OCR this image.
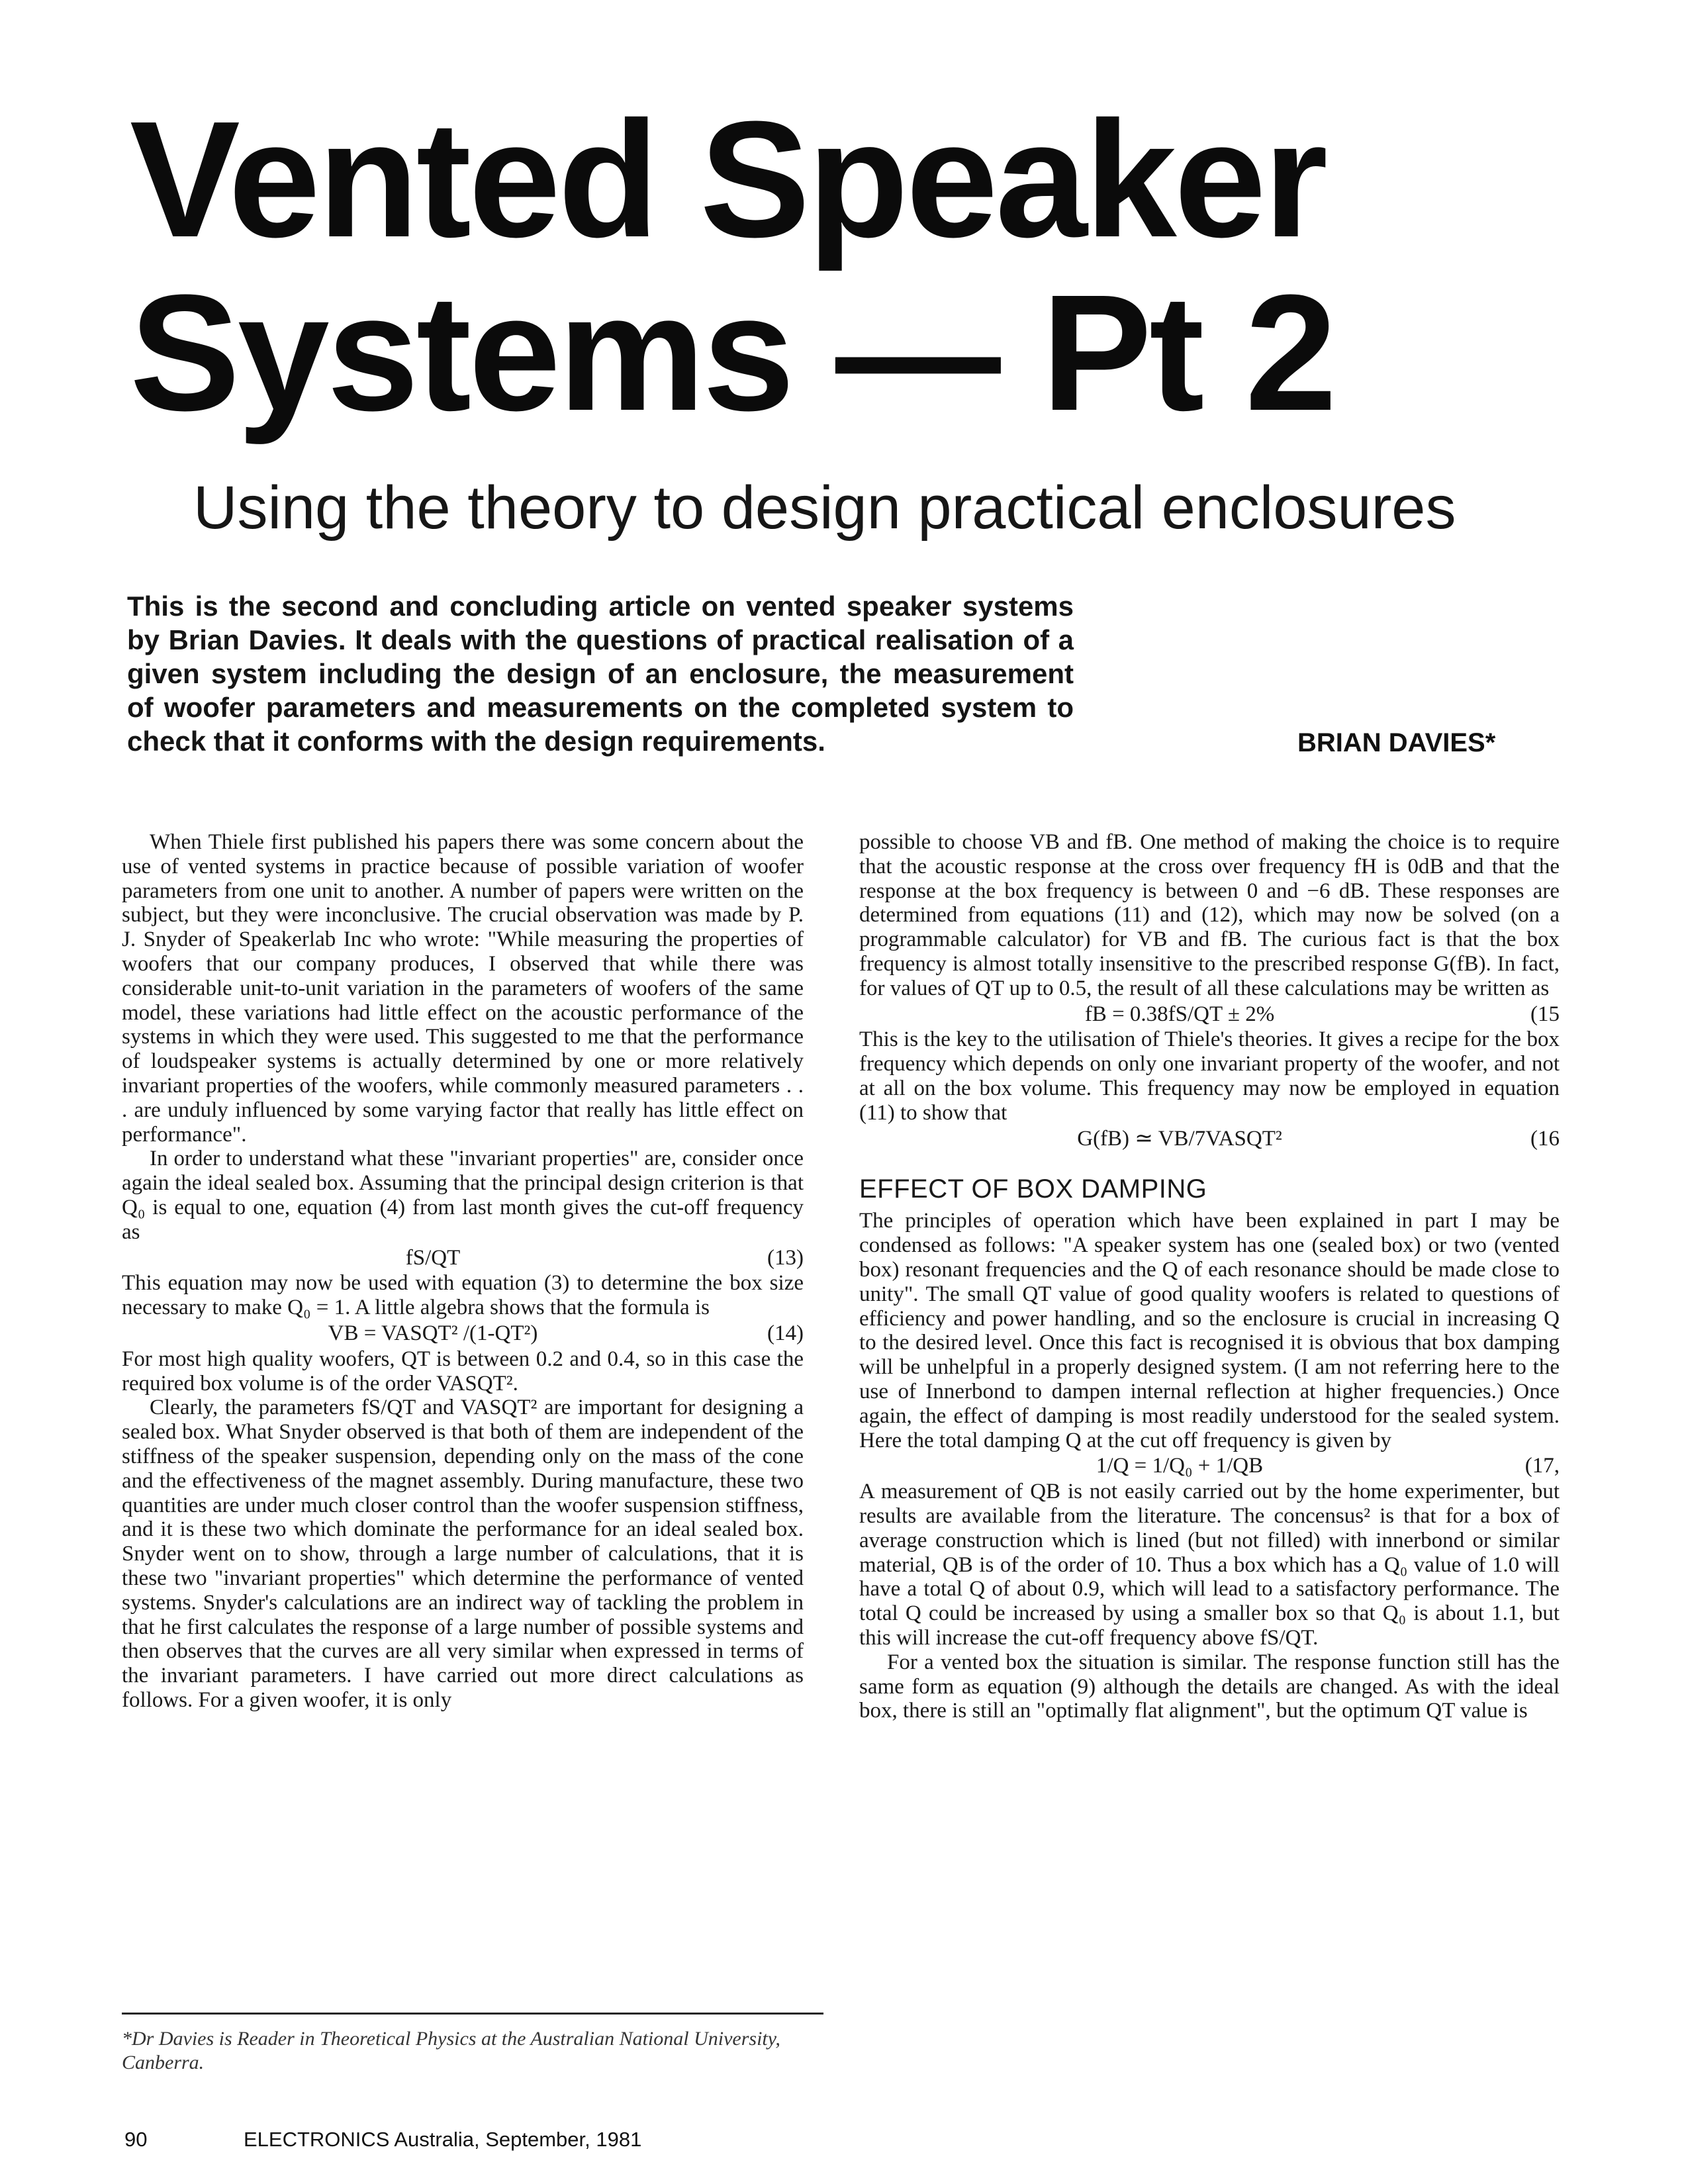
Vented Speaker
Systems — Pt 2
Using the theory to design practical enclosures
This is the second and concluding article on vented speaker systems by Brian Davies. It deals with the questions of practical realisation of a given system including the design of an enclosure, the measurement of woofer parameters and measurements on the completed system to check that it conforms with the design requirements.	BRIAN DAVIES*

When Thiele first published his papers there was some concern about the use of vented systems in practice because of possible variation of woofer parameters from one unit to another. A number of papers were written on the subject, but they were inconclusive. The crucial observation was made by P. J. Snyder of Speakerlab Inc who wrote: "While measuring the properties of woofers that our company produces, I observed that while there was considerable unit-to-unit variation in the parameters of woofers of the same model, these variations had little effect on the acoustic performance of the systems in which they were used. This suggested to me that the performance of loudspeaker systems is actually determined by one or more relatively invariant properties of the woofers, while commonly measured parameters . . . are unduly influenced by some varying factor that really has little effect on performance".

In order to understand what these "invariant properties" are, consider once again the ideal sealed box. Assuming that the principal design criterion is that Q₀ is equal to one, equation (4) from last month gives the cut-off frequency as

fS/QT	(13)

This equation may now be used with equation (3) to determine the box size necessary to make Q₀ = 1. A little algebra shows that the formula is

VB = VASQT² /(1-QT²)	(14)

For most high quality woofers, QT is between 0.2 and 0.4, so in this case the required box volume is of the order VASQT².

Clearly, the parameters fS/QT and VASQT² are important for designing a sealed box. What Snyder observed is that both of them are independent of the stiffness of the speaker suspension, depending only on the mass of the cone and the effectiveness of the magnet assembly. During manufacture, these two quantities are under much closer control than the woofer suspension stiffness, and it is these two which dominate the performance for an ideal sealed box. Snyder went on to show, through a large number of calculations, that it is these two "invariant properties" which determine the performance of vented systems. Snyder's calculations are an indirect way of tackling the problem in that he first calculates the response of a large number of possible systems and then observes that the curves are all very similar when expressed in terms of the invariant parameters. I have carried out more direct calculations as follows. For a given woofer, it is only

possible to choose VB and fB. One method of making the choice is to require that the acoustic response at the cross over frequency fH is 0dB and that the response at the box frequency is between 0 and −6 dB. These responses are determined from equations (11) and (12), which may now be solved (on a programmable calculator) for VB and fB. The curious fact is that the box frequency is almost totally insensitive to the prescribed response G(fB). In fact, for values of QT up to 0.5, the result of all these calculations may be written as

fB = 0.38fS/QT ± 2%	(15

This is the key to the utilisation of Thiele's theories. It gives a recipe for the box frequency which depends on only one invariant property of the woofer, and not at all on the box volume. This frequency may now be employed in equation (11) to show that

G(fB) ≃ VB/7VASQT²	(16
EFFECT OF BOX DAMPING

The principles of operation which have been explained in part I may be condensed as follows: "A speaker system has one (sealed box) or two (vented box) resonant frequencies and the Q of each resonance should be made close to unity". The small QT value of good quality woofers is related to questions of efficiency and power handling, and so the enclosure is crucial in increasing Q to the desired level. Once this fact is recognised it is obvious that box damping will be unhelpful in a properly designed system. (I am not referring here to the use of Innerbond to dampen internal reflection at higher frequencies.) Once again, the effect of damping is most readily understood for the sealed system. Here the total damping Q at the cut off frequency is given by

1/Q = 1/Q₀ + 1/QB	(17,

A measurement of QB is not easily carried out by the home experimenter, but results are available from the literature. The concensus² is that for a box of average construction which is lined (but not filled) with innerbond or similar material, QB is of the order of 10. Thus a box which has a Q₀ value of 1.0 will have a total Q of about 0.9, which will lead to a satisfactory performance. The total Q could be increased by using a smaller box so that Q₀ is about 1.1, but this will increase the cut-off frequency above fS/QT.

For a vented box the situation is similar. The response function still has the same form as equation (9) although the details are changed. As with the ideal box, there is still an "optimally flat alignment", but the optimum QT value is

*Dr Davies is Reader in Theoretical Physics at the Australian National University, Canberra.
90	ELECTRONICS Australia, September, 1981
